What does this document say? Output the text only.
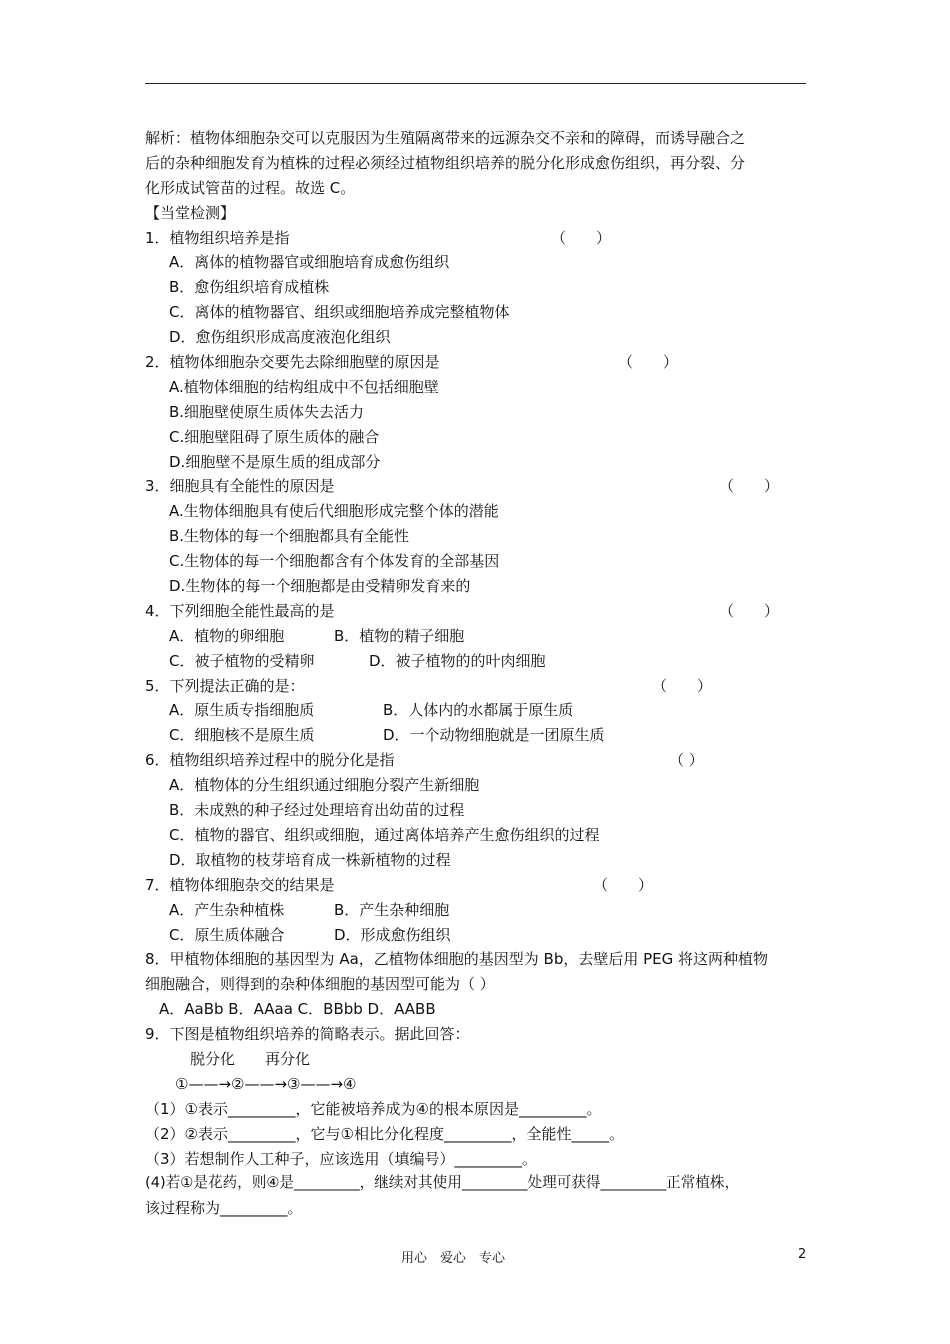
解析：植物体细胞杂交可以克服因为生殖隔离带来的远源杂交不亲和的障碍，而诱导融合之
后的杂种细胞发育为植株的过程必须经过植物组织培养的脱分化形成愈伤组织，再分裂、分
化形成试管苗的过程。故选 C。
【当堂检测】
1．植物组织培养是指	（　　）
A．离体的植物器官或细胞培育成愈伤组织
B．愈伤组织培育成植株
C．离体的植物器官、组织或细胞培养成完整植物体
D．愈伤组织形成高度液泡化组织
2．植物体细胞杂交要先去除细胞壁的原因是	（　　）
A.植物体细胞的结构组成中不包括细胞壁
B.细胞壁使原生质体失去活力
C.细胞壁阻碍了原生质体的融合
D.细胞壁不是原生质的组成部分
3．细胞具有全能性的原因是	（　　）
A.生物体细胞具有使后代细胞形成完整个体的潜能
B.生物体的每一个细胞都具有全能性
C.生物体的每一个细胞都含有个体发育的全部基因
D.生物体的每一个细胞都是由受精卵发育来的
4．下列细胞全能性最高的是	（　　）
A．植物的卵细胞	B．植物的精子细胞
C．被子植物的受精卵	D．被子植物的的叶肉细胞
5．下列提法正确的是：	（　　）
A．原生质专指细胞质	B．人体内的水都属于原生质
C．细胞核不是原生质	D．一个动物细胞就是一团原生质
6．植物组织培养过程中的脱分化是指	（ ）
A．植物体的分生组织通过细胞分裂产生新细胞
B．未成熟的种子经过处理培育出幼苗的过程
C．植物的器官、组织或细胞，通过离体培养产生愈伤组织的过程
D．取植物的枝芽培育成一株新植物的过程
7．植物体细胞杂交的结果是	（　　）
A．产生杂种植株	B．产生杂种细胞
C．原生质体融合	D．形成愈伤组织
8．甲植物体细胞的基因型为 Aa，乙植物体细胞的基因型为 Bb，去壁后用 PEG 将这两种植物
细胞融合，则得到的杂种体细胞的基因型可能为（ ）
A．AaBb B．AAaa C．BBbb D．AABB
9．下图是植物组织培养的简略表示。据此回答：
脱分化　　再分化
①——→②——→③——→④
（1）①表示_________，它能被培养成为④的根本原因是_________。
（2）②表示_________，它与①相比分化程度_________，全能性_____。
（3）若想制作人工种子，应该选用（填编号）_________。
(4)若①是花药，则④是_________，继续对其使用_________处理可获得_________正常植株，
该过程称为_________。
用心　爱心　专心	2
